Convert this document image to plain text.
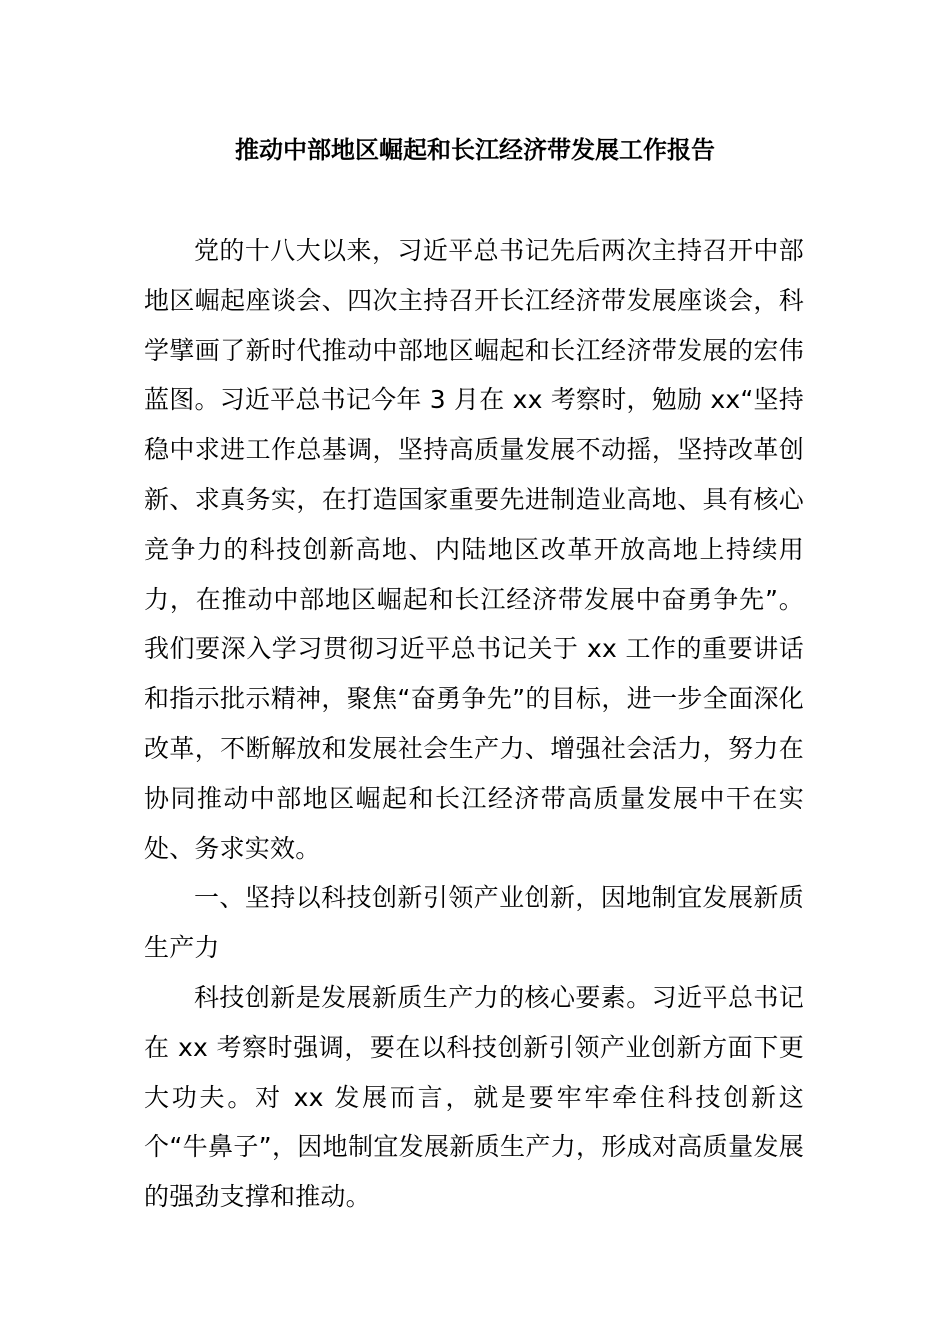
推动中部地区崛起和长江经济带发展工作报告

党的十八大以来，习近平总书记先后两次主持召开中部地区崛起座谈会、四次主持召开长江经济带发展座谈会，科学擘画了新时代推动中部地区崛起和长江经济带发展的宏伟蓝图。习近平总书记今年 3 月在 xx 考察时，勉励 xx“坚持稳中求进工作总基调，坚持高质量发展不动摇，坚持改革创新、求真务实，在打造国家重要先进制造业高地、具有核心竞争力的科技创新高地、内陆地区改革开放高地上持续用力，在推动中部地区崛起和长江经济带发展中奋勇争先”。我们要深入学习贯彻习近平总书记关于 xx 工作的重要讲话和指示批示精神，聚焦“奋勇争先”的目标，进一步全面深化改革，不断解放和发展社会生产力、增强社会活力，努力在协同推动中部地区崛起和长江经济带高质量发展中干在实处、务求实效。

一、坚持以科技创新引领产业创新，因地制宜发展新质生产力

科技创新是发展新质生产力的核心要素。习近平总书记在 xx 考察时强调，要在以科技创新引领产业创新方面下更大功夫。对 xx 发展而言，就是要牢牢牵住科技创新这个“牛鼻子”，因地制宜发展新质生产力，形成对高质量发展的强劲支撑和推动。
